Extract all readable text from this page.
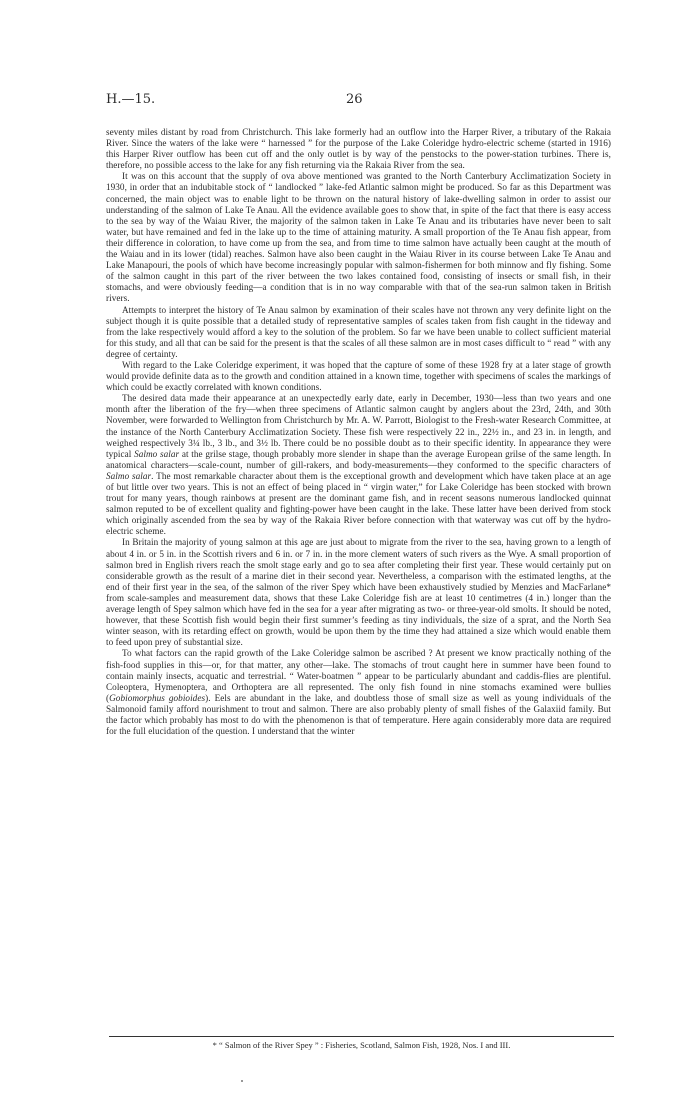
H.—15.	26

seventy miles distant by road from Christchurch. This lake formerly had an outflow into the Harper River, a tributary of the Rakaia River. Since the waters of the lake were “ harnessed ” for the purpose of the Lake Coleridge hydro-electric scheme (started in 1916) this Harper River outflow has been cut off and the only outlet is by way of the penstocks to the power-station turbines. There is, therefore, no possible access to the lake for any fish returning via the Rakaia River from the sea.

It was on this account that the supply of ova above mentioned was granted to the North Canterbury Acclimatization Society in 1930, in order that an indubitable stock of “ landlocked ” lake-fed Atlantic salmon might be produced. So far as this Department was concerned, the main object was to enable light to be thrown on the natural history of lake-dwelling salmon in order to assist our understanding of the salmon of Lake Te Anau. All the evidence available goes to show that, in spite of the fact that there is easy access to the sea by way of the Waiau River, the majority of the salmon taken in Lake Te Anau and its tributaries have never been to salt water, but have remained and fed in the lake up to the time of attaining maturity. A small proportion of the Te Anau fish appear, from their difference in coloration, to have come up from the sea, and from time to time salmon have actually been caught at the mouth of the Waiau and in its lower (tidal) reaches. Salmon have also been caught in the Waiau River in its course between Lake Te Anau and Lake Manapouri, the pools of which have become increasingly popular with salmon-fishermen for both minnow and fly fishing. Some of the salmon caught in this part of the river between the two lakes contained food, consisting of insects or small fish, in their stomachs, and were obviously feeding—a condition that is in no way comparable with that of the sea-run salmon taken in British rivers.

Attempts to interpret the history of Te Anau salmon by examination of their scales have not thrown any very definite light on the subject though it is quite possible that a detailed study of representative samples of scales taken from fish caught in the tideway and from the lake respectively would afford a key to the solution of the problem. So far we have been unable to collect sufficient material for this study, and all that can be said for the present is that the scales of all these salmon are in most cases difficult to “ read ” with any degree of certainty.

With regard to the Lake Coleridge experiment, it was hoped that the capture of some of these 1928 fry at a later stage of growth would provide definite data as to the growth and condition attained in a known time, together with specimens of scales the markings of which could be exactly correlated with known conditions.

The desired data made their appearance at an unexpectedly early date, early in December, 1930—less than two years and one month after the liberation of the fry—when three specimens of Atlantic salmon caught by anglers about the 23rd, 24th, and 30th November, were forwarded to Wellington from Christchurch by Mr. A. W. Parrott, Biologist to the Fresh-water Research Committee, at the instance of the North Canterbury Acclimatization Society. These fish were respectively 22 in., 22½ in., and 23 in. in length, and weighed respectively 3¼ lb., 3 lb., and 3½ lb. There could be no possible doubt as to their specific identity. In appearance they were typical Salmo salar at the grilse stage, though probably more slender in shape than the average European grilse of the same length. In anatomical characters—scale-count, number of gill-rakers, and body-measurements—they conformed to the specific characters of Salmo salar. The most remarkable character about them is the exceptional growth and development which have taken place at an age of but little over two years. This is not an effect of being placed in “ virgin water,” for Lake Coleridge has been stocked with brown trout for many years, though rainbows at present are the dominant game fish, and in recent seasons numerous landlocked quinnat salmon reputed to be of excellent quality and fighting-power have been caught in the lake. These latter have been derived from stock which originally ascended from the sea by way of the Rakaia River before connection with that waterway was cut off by the hydro-electric scheme.

In Britain the majority of young salmon at this age are just about to migrate from the river to the sea, having grown to a length of about 4 in. or 5 in. in the Scottish rivers and 6 in. or 7 in. in the more clement waters of such rivers as the Wye. A small proportion of salmon bred in English rivers reach the smolt stage early and go to sea after completing their first year. These would certainly put on considerable growth as the result of a marine diet in their second year. Nevertheless, a comparison with the estimated lengths, at the end of their first year in the sea, of the salmon of the river Spey which have been exhaustively studied by Menzies and MacFarlane* from scale-samples and measurement data, shows that these Lake Coleridge fish are at least 10 centimetres (4 in.) longer than the average length of Spey salmon which have fed in the sea for a year after migrating as two- or three-year-old smolts. It should be noted, however, that these Scottish fish would begin their first summer’s feeding as tiny individuals, the size of a sprat, and the North Sea winter season, with its retarding effect on growth, would be upon them by the time they had attained a size which would enable them to feed upon prey of substantial size.

To what factors can the rapid growth of the Lake Coleridge salmon be ascribed ? At present we know practically nothing of the fish-food supplies in this—or, for that matter, any other—lake. The stomachs of trout caught here in summer have been found to contain mainly insects, acquatic and terrestrial. “ Water-boatmen ” appear to be particularly abundant and caddis-flies are plentiful. Coleoptera, Hymenoptera, and Orthoptera are all represented. The only fish found in nine stomachs examined were bullies (Gobiomorphus gobioides). Eels are abundant in the lake, and doubtless those of small size as well as young individuals of the Salmonoid family afford nourishment to trout and salmon. There are also probably plenty of small fishes of the Galaxiid family. But the factor which probably has most to do with the phenomenon is that of temperature. Here again considerably more data are required for the full elucidation of the question. I understand that the winter

* “ Salmon of the River Spey ” : Fisheries, Scotland, Salmon Fish, 1928, Nos. I and III.
